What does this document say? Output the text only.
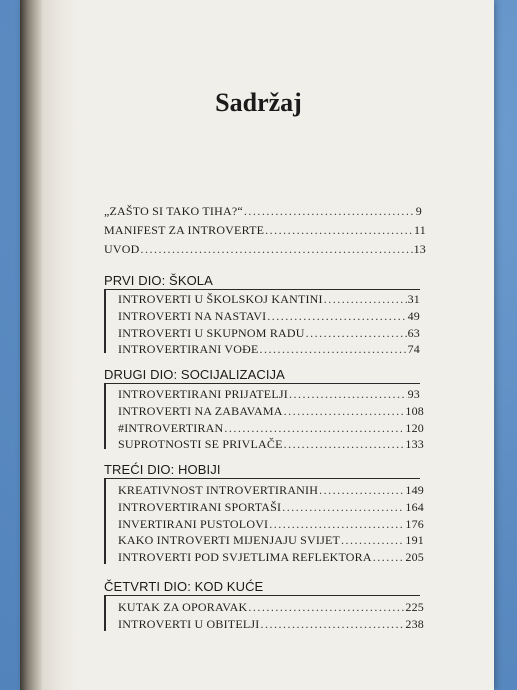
Sadržaj
„ZAŠTO SI TAKO TIHA?“ .....	9
MANIFEST ZA INTROVERTE .....	11
UVOD .....	13
PRVI DIO: ŠKOLA
INTROVERTI U ŠKOLSKOJ KANTINI .....	31
INTROVERTI NA NASTAVI .....	49
INTROVERTI U SKUPNOM RADU .....	63
INTROVERTIRANI VOĐE .....	74
DRUGI DIO: SOCIJALIZACIJA
INTROVERTIRANI PRIJATELJI .....	93
INTROVERTI NA ZABAVAMA .....	108
#INTROVERTIRAN .....	120
SUPROTNOSTI SE PRIVLAČE .....	133
TREĆI DIO: HOBIJI
KREATIVNOST INTROVERTIRANIH .....	149
INTROVERTIRANI SPORTAŠI .....	164
INVERTIRANI PUSTOLOVI .....	176
KAKO INTROVERTI MIJENJAJU SVIJET .....	191
INTROVERTI POD SVJETLIMA REFLEKTORA .....	205
ČETVRTI DIO: KOD KUĆE
KUTAK ZA OPORAVAK .....	225
INTROVERTI U OBITELJI .....	238
